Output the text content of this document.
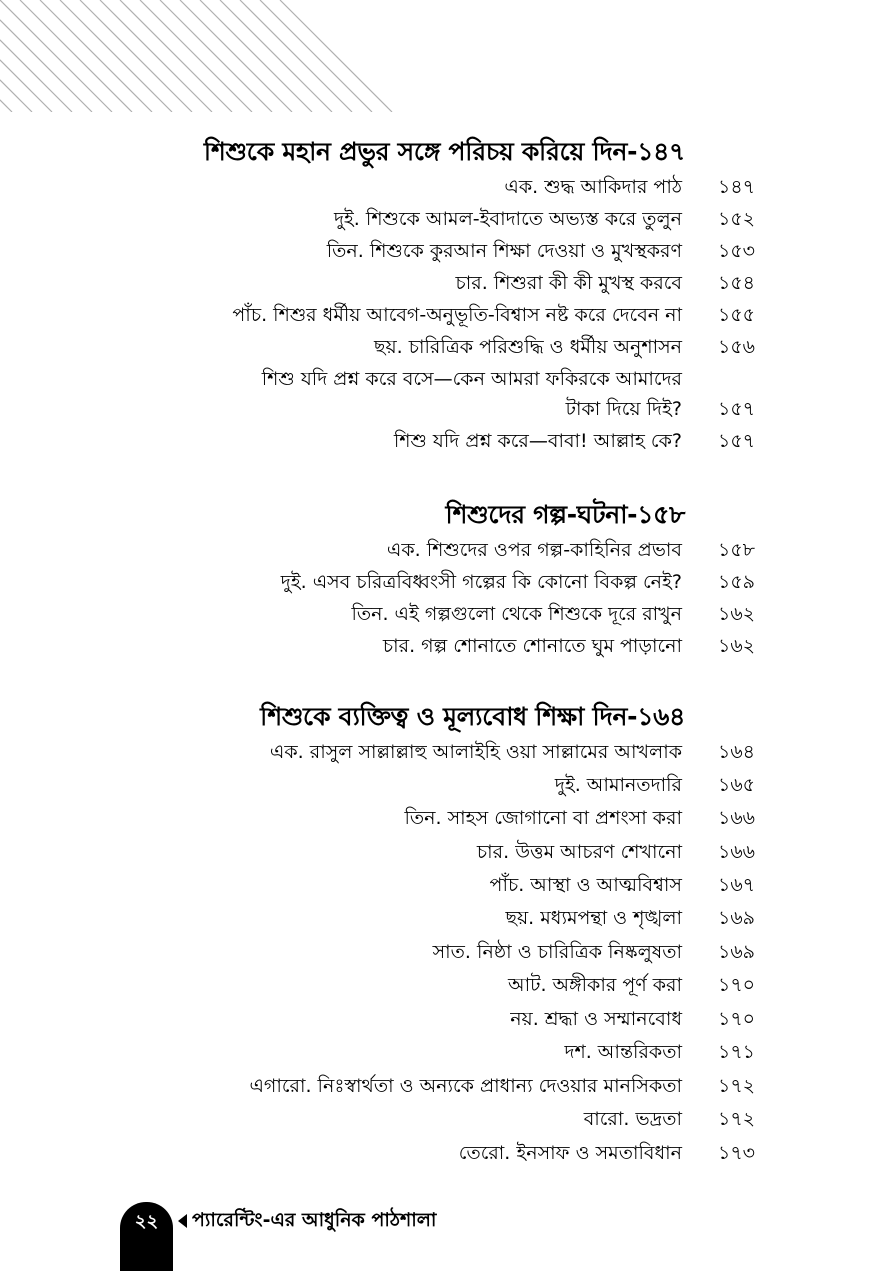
শিশুকে মহান প্রভুর সঙ্গে পরিচয় করিয়ে দিন-১৪৭
এক. শুদ্ধ আকিদার পাঠ ১৪৭
দুই. শিশুকে আমল-ইবাদাতে অভ্যস্ত করে তুলুন ১৫২
তিন. শিশুকে কুরআন শিক্ষা দেওয়া ও মুখস্থকরণ ১৫৩
চার. শিশুরা কী কী মুখস্থ করবে ১৫৪
পাঁচ. শিশুর ধর্মীয় আবেগ-অনুভূতি-বিশ্বাস নষ্ট করে দেবেন না ১৫৫
ছয়. চারিত্রিক পরিশুদ্ধি ও ধর্মীয় অনুশাসন ১৫৬
শিশু যদি প্রশ্ন করে বসে—কেন আমরা ফকিরকে আমাদের
টাকা দিয়ে দিই? ১৫৭
শিশু যদি প্রশ্ন করে—বাবা! আল্লাহ কে? ১৫৭
শিশুদের গল্প-ঘটনা-১৫৮
এক. শিশুদের ওপর গল্প-কাহিনির প্রভাব ১৫৮
দুই. এসব চরিত্রবিধ্বংসী গল্পের কি কোনো বিকল্প নেই? ১৫৯
তিন. এই গল্পগুলো থেকে শিশুকে দূরে রাখুন ১৬২
চার. গল্প শোনাতে শোনাতে ঘুম পাড়ানো ১৬২
শিশুকে ব্যক্তিত্ব ও মূল্যবোধ শিক্ষা দিন-১৬৪
এক. রাসুল সাল্লাল্লাহু আলাইহি ওয়া সাল্লামের আখলাক ১৬৪
দুই. আমানতদারি ১৬৫
তিন. সাহস জোগানো বা প্রশংসা করা ১৬৬
চার. উত্তম আচরণ শেখানো ১৬৬
পাঁচ. আস্থা ও আত্মবিশ্বাস ১৬৭
ছয়. মধ্যমপন্থা ও শৃঙ্খলা ১৬৯
সাত. নিষ্ঠা ও চারিত্রিক নিষ্কলুষতা ১৬৯
আট. অঙ্গীকার পূর্ণ করা ১৭০
নয়. শ্রদ্ধা ও সম্মানবোধ ১৭০
দশ. আন্তরিকতা ১৭১
এগারো. নিঃস্বার্থতা ও অন্যকে প্রাধান্য দেওয়ার মানসিকতা ১৭২
বারো. ভদ্রতা ১৭২
তেরো. ইনসাফ ও সমতাবিধান ১৭৩
২২	প্যারেন্টিং-এর আধুনিক পাঠশালা
